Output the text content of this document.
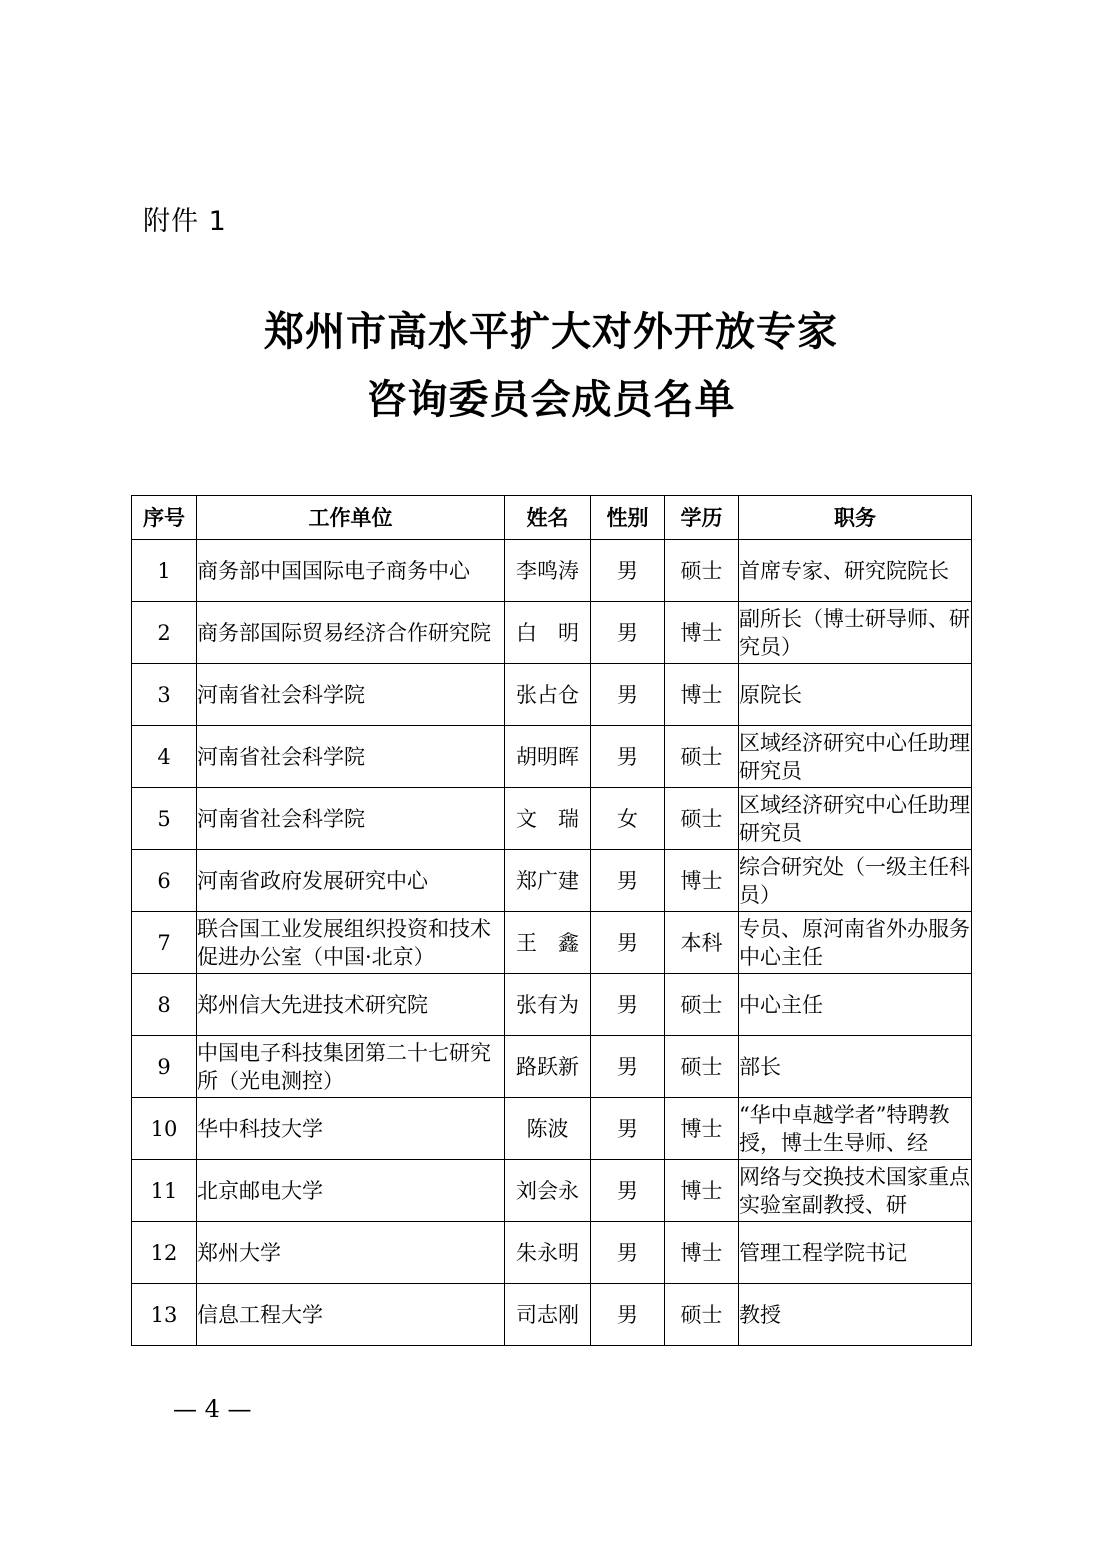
附件 1
郑州市高水平扩大对外开放专家
咨询委员会成员名单
序号	工作单位	姓名	性别	学历	职务
1	商务部中国国际电子商务中心	李鸣涛	男	硕士	首席专家、研究院院长
2	商务部国际贸易经济合作研究院	白　明	男	博士	副所长（博士研导师、研究员）
3	河南省社会科学院	张占仓	男	博士	原院长
4	河南省社会科学院	胡明晖	男	硕士	区域经济研究中心任助理研究员
5	河南省社会科学院	文　瑞	女	硕士	区域经济研究中心任助理研究员
6	河南省政府发展研究中心	郑广建	男	博士	综合研究处（一级主任科员）
7	联合国工业发展组织投资和技术促进办公室（中国·北京）	王　鑫	男	本科	专员、原河南省外办服务中心主任
8	郑州信大先进技术研究院	张有为	男	硕士	中心主任
9	中国电子科技集团第二十七研究所（光电测控）	路跃新	男	硕士	部长
10	华中科技大学	陈波	男	博士	“华中卓越学者”特聘教授，博士生导师、经
11	北京邮电大学	刘会永	男	博士	网络与交换技术国家重点实验室副教授、研
12	郑州大学	朱永明	男	博士	管理工程学院书记
13	信息工程大学	司志刚	男	硕士	教授
— 4 —
